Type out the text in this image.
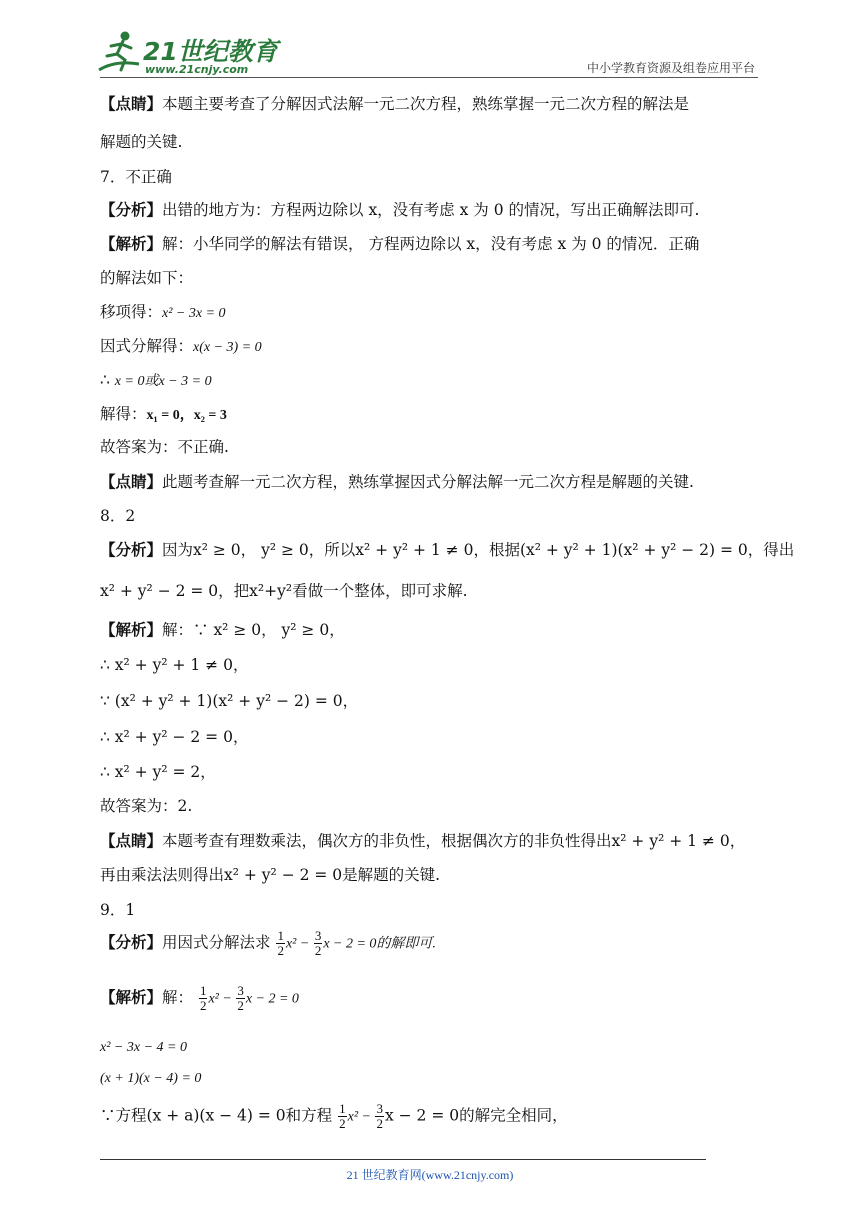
21世纪教育
www.21cnjy.com	中小学教育资源及组卷应用平台
【点睛】本题主要考查了分解因式法解一元二次方程，熟练掌握一元二次方程的解法是
解题的关键.
7．不正确
【分析】出错的地方为：方程两边除以 x，没有考虑 x 为 0 的情况，写出正确解法即可.
【解析】解：小华同学的解法有错误， 方程两边除以 x，没有考虑 x 为 0 的情况．正确
的解法如下：
移项得：x² − 3x = 0
因式分解得：x(x − 3) = 0
∴ x = 0或x − 3 = 0
解得：x₁ = 0，x₂ = 3
故答案为：不正确.
【点睛】此题考查解一元二次方程，熟练掌握因式分解法解一元二次方程是解题的关键.
8．2
【分析】因为x² ≥ 0， y² ≥ 0，所以x² + y² + 1 ≠ 0，根据(x² + y² + 1)(x² + y² − 2) = 0，得出
x² + y² − 2 = 0，把x²+y²看做一个整体，即可求解.
【解析】解：∵ x² ≥ 0， y² ≥ 0，
∴ x² + y² + 1 ≠ 0，
∵ (x² + y² + 1)(x² + y² − 2) = 0，
∴ x² + y² − 2 = 0，
∴ x² + y² = 2，
故答案为：2.
【点睛】本题考查有理数乘法，偶次方的非负性，根据偶次方的非负性得出x² + y² + 1 ≠ 0，
再由乘法法则得出x² + y² − 2 = 0是解题的关键.
9．1
【分析】用因式分解法求 $\frac{1}{2} x^2 - \frac{3}{2}$ x − 2 = 0的解即可.
【解析】解： $\frac{1}{2} x^2 - \frac{3}{2}$ x − 2 = 0
x² − 3x − 4 = 0
(x + 1)(x − 4) = 0
∵方程(x + a)(x − 4) = 0和方程 $\frac{1}{2} x^2 - \frac{3}{2}$ x − 2 = 0的解完全相同，
21 世纪教育网(www.21cnjy.com)
